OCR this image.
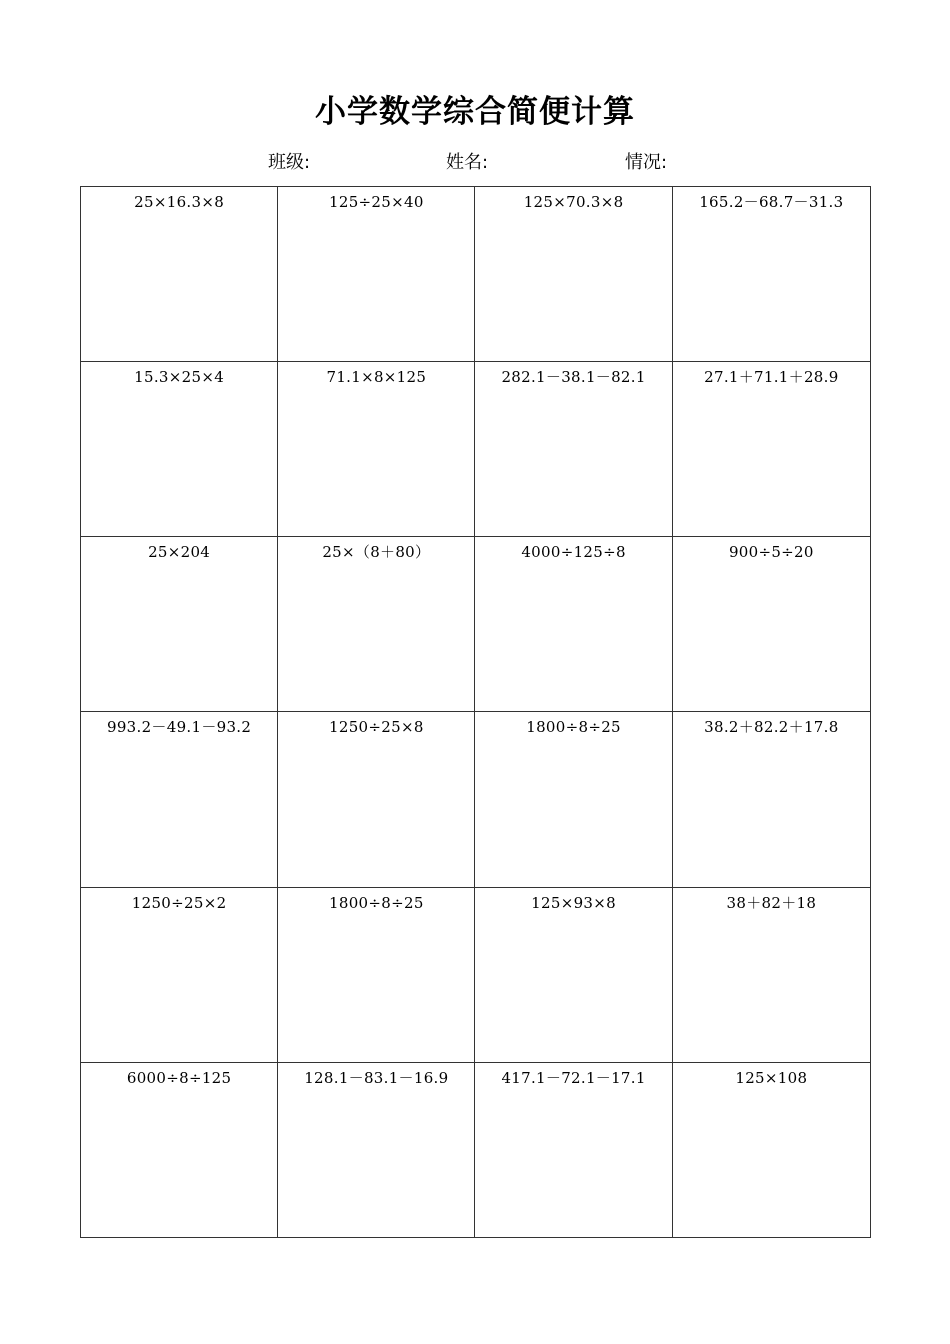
小学数学综合简便计算
班级:	姓名:	情况:
25×16.3×8	125÷25×40	125×70.3×8	165.2－68.7－31.3
15.3×25×4	71.1×8×125	282.1－38.1－82.1	27.1＋71.1＋28.9
25×204	25×（8＋80）	4000÷125÷8	900÷5÷20
993.2－49.1－93.2	1250÷25×8	1800÷8÷25	38.2＋82.2＋17.8
1250÷25×2	1800÷8÷25	125×93×8	38＋82＋18
6000÷8÷125	128.1－83.1－16.9	417.1－72.1－17.1	125×108
